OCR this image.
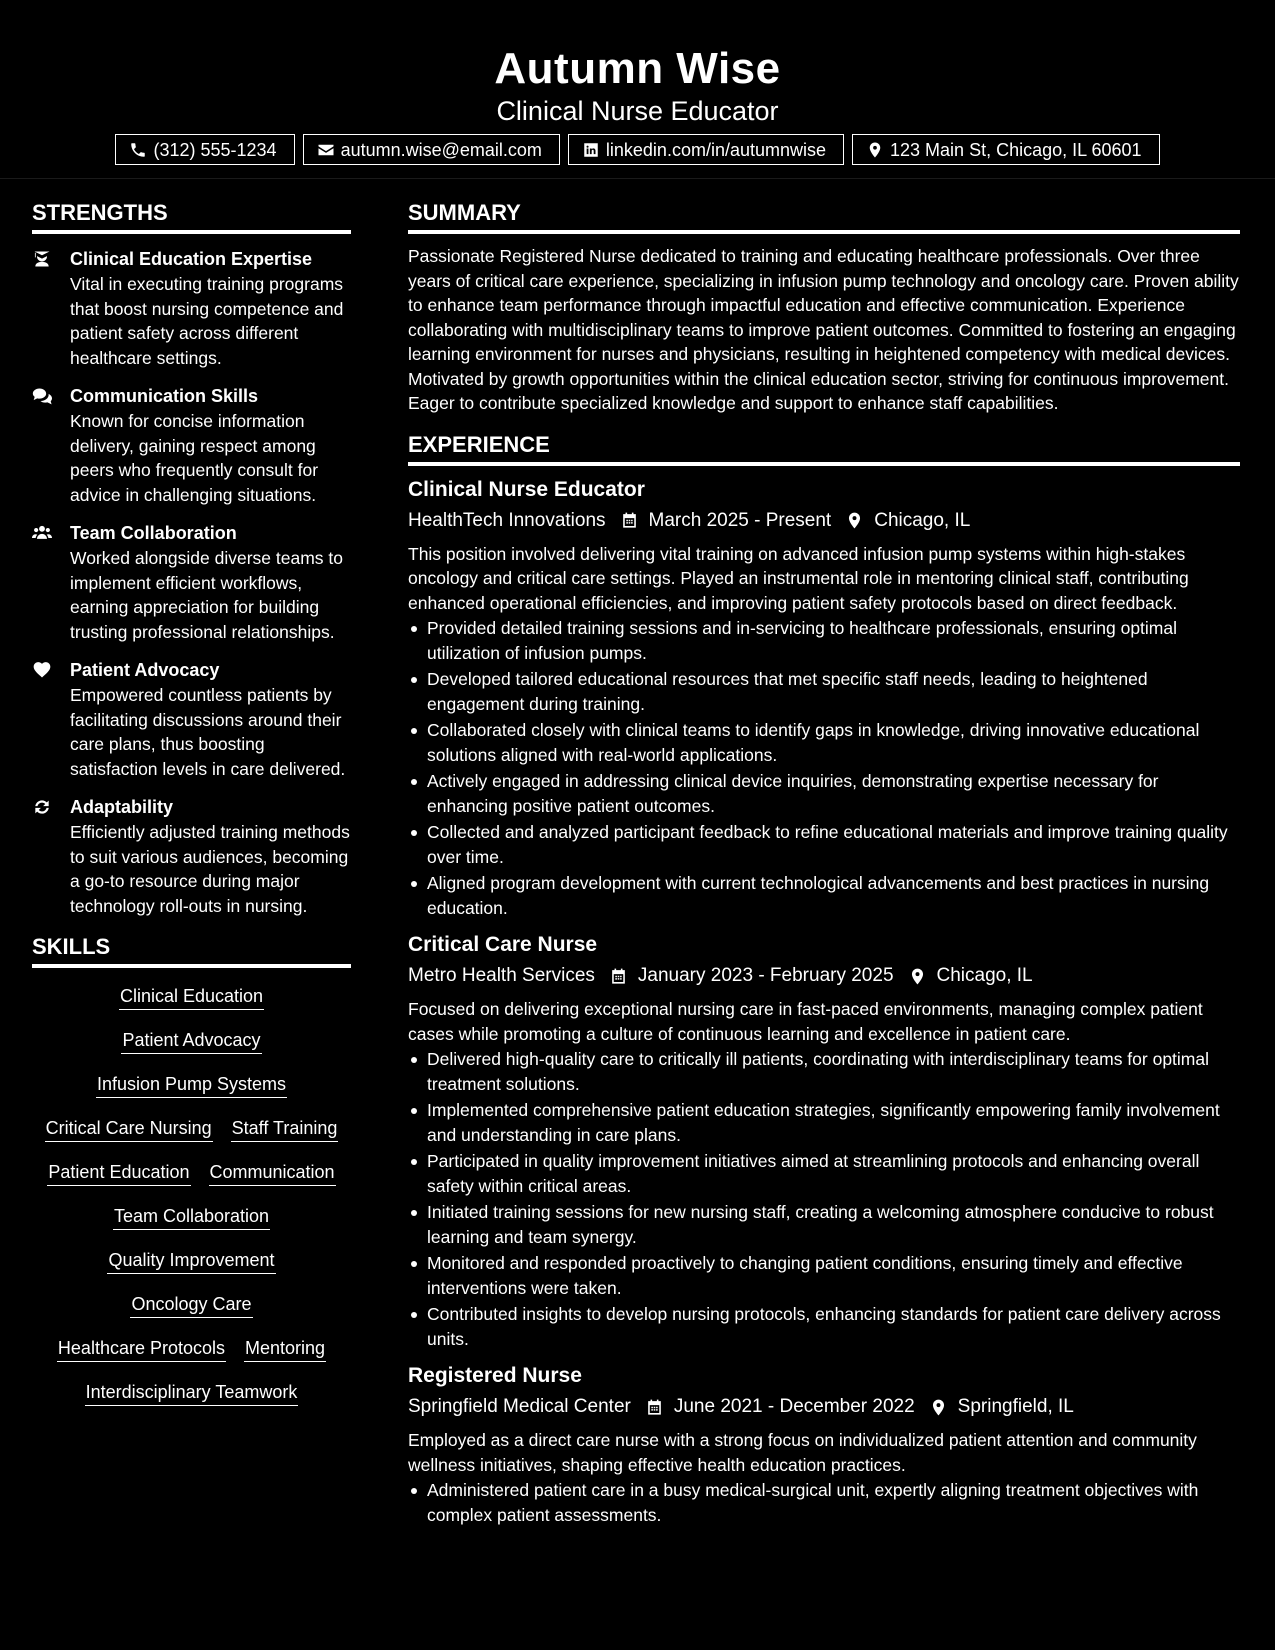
Autumn Wise
Clinical Nurse Educator
(312) 555-1234	autumn.wise@email.com	linkedin.com/in/autumnwise	123 Main St, Chicago, IL 60601
STRENGTHS
Clinical Education Expertise
Vital in executing training programs that boost nursing competence and patient safety across different healthcare settings.
Communication Skills
Known for concise information delivery, gaining respect among peers who frequently consult for advice in challenging situations.
Team Collaboration
Worked alongside diverse teams to implement efficient workflows, earning appreciation for building trusting professional relationships.
Patient Advocacy
Empowered countless patients by facilitating discussions around their care plans, thus boosting satisfaction levels in care delivered.
Adaptability
Efficiently adjusted training methods to suit various audiences, becoming a go-to resource during major technology roll-outs in nursing.
SKILLS
Clinical Education
Patient Advocacy
Infusion Pump Systems
Critical Care Nursing Staff Training
Patient Education Communication
Team Collaboration
Quality Improvement
Oncology Care
Healthcare Protocols Mentoring
Interdisciplinary Teamwork
SUMMARY
Passionate Registered Nurse dedicated to training and educating healthcare professionals. Over three years of critical care experience, specializing in infusion pump technology and oncology care. Proven ability to enhance team performance through impactful education and effective communication. Experience collaborating with multidisciplinary teams to improve patient outcomes. Committed to fostering an engaging learning environment for nurses and physicians, resulting in heightened competency with medical devices. Motivated by growth opportunities within the clinical education sector, striving for continuous improvement. Eager to contribute specialized knowledge and support to enhance staff capabilities.
EXPERIENCE
Clinical Nurse Educator
HealthTech Innovations March 2025 - Present Chicago, IL
This position involved delivering vital training on advanced infusion pump systems within high-stakes oncology and critical care settings. Played an instrumental role in mentoring clinical staff, contributing enhanced operational efficiencies, and improving patient safety protocols based on direct feedback.
Provided detailed training sessions and in-servicing to healthcare professionals, ensuring optimal utilization of infusion pumps.
Developed tailored educational resources that met specific staff needs, leading to heightened engagement during training.
Collaborated closely with clinical teams to identify gaps in knowledge, driving innovative educational solutions aligned with real-world applications.
Actively engaged in addressing clinical device inquiries, demonstrating expertise necessary for enhancing positive patient outcomes.
Collected and analyzed participant feedback to refine educational materials and improve training quality over time.
Aligned program development with current technological advancements and best practices in nursing education.
Critical Care Nurse
Metro Health Services January 2023 - February 2025 Chicago, IL
Focused on delivering exceptional nursing care in fast-paced environments, managing complex patient cases while promoting a culture of continuous learning and excellence in patient care.
Delivered high-quality care to critically ill patients, coordinating with interdisciplinary teams for optimal treatment solutions.
Implemented comprehensive patient education strategies, significantly empowering family involvement and understanding in care plans.
Participated in quality improvement initiatives aimed at streamlining protocols and enhancing overall safety within critical areas.
Initiated training sessions for new nursing staff, creating a welcoming atmosphere conducive to robust learning and team synergy.
Monitored and responded proactively to changing patient conditions, ensuring timely and effective interventions were taken.
Contributed insights to develop nursing protocols, enhancing standards for patient care delivery across units.
Registered Nurse
Springfield Medical Center June 2021 - December 2022 Springfield, IL
Employed as a direct care nurse with a strong focus on individualized patient attention and community wellness initiatives, shaping effective health education practices.
Administered patient care in a busy medical-surgical unit, expertly aligning treatment objectives with complex patient assessments.
